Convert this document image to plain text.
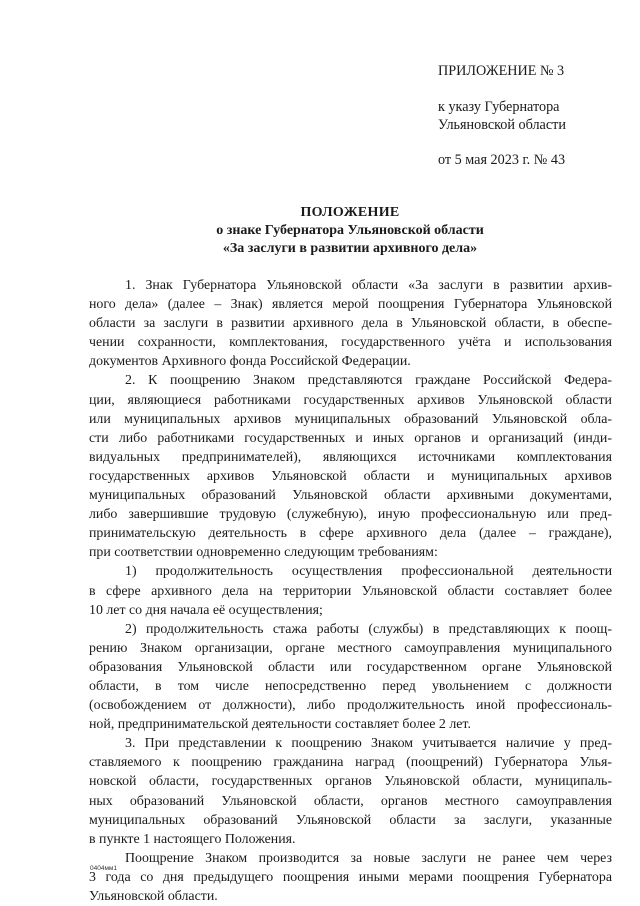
ПРИЛОЖЕНИЕ № 3
к указу Губернатора
Ульяновской области
от 5 мая 2023 г. № 43
ПОЛОЖЕНИЕ
о знаке Губернатора Ульяновской области
«За заслуги в развитии архивного дела»
1. Знак Губернатора Ульяновской области «За заслуги в развитии архив-
ного дела» (далее – Знак) является мерой поощрения Губернатора Ульяновской
области за заслуги в развитии архивного дела в Ульяновской области, в обеспе-
чении сохранности, комплектования, государственного учёта и использования
документов Архивного фонда Российской Федерации.
2. К поощрению Знаком представляются граждане Российской Федера-
ции, являющиеся работниками государственных архивов Ульяновской области
или муниципальных архивов муниципальных образований Ульяновской обла-
сти либо работниками государственных и иных органов и организаций (инди-
видуальных предпринимателей), являющихся источниками комплектования
государственных архивов Ульяновской области и муниципальных архивов
муниципальных образований Ульяновской области архивными документами,
либо завершившие трудовую (служебную), иную профессиональную или пред-
принимательскую деятельность в сфере архивного дела (далее – граждане),
при соответствии одновременно следующим требованиям:
1) продолжительность осуществления профессиональной деятельности
в сфере архивного дела на территории Ульяновской области составляет более
10 лет со дня начала её осуществления;
2) продолжительность стажа работы (службы) в представляющих к поощ-
рению Знаком организации, органе местного самоуправления муниципального
образования Ульяновской области или государственном органе Ульяновской
области, в том числе непосредственно перед увольнением с должности
(освобождением от должности), либо продолжительность иной профессиональ-
ной, предпринимательской деятельности составляет более 2 лет.
3. При представлении к поощрению Знаком учитывается наличие у пред-
ставляемого к поощрению гражданина наград (поощрений) Губернатора Улья-
новской области, государственных органов Ульяновской области, муниципаль-
ных образований Ульяновской области, органов местного самоуправления
муниципальных образований Ульяновской области за заслуги, указанные
в пункте 1 настоящего Положения.
Поощрение Знаком производится за новые заслуги не ранее чем через
3 года со дня предыдущего поощрения иными мерами поощрения Губернатора
Ульяновской области.
0404мм1
